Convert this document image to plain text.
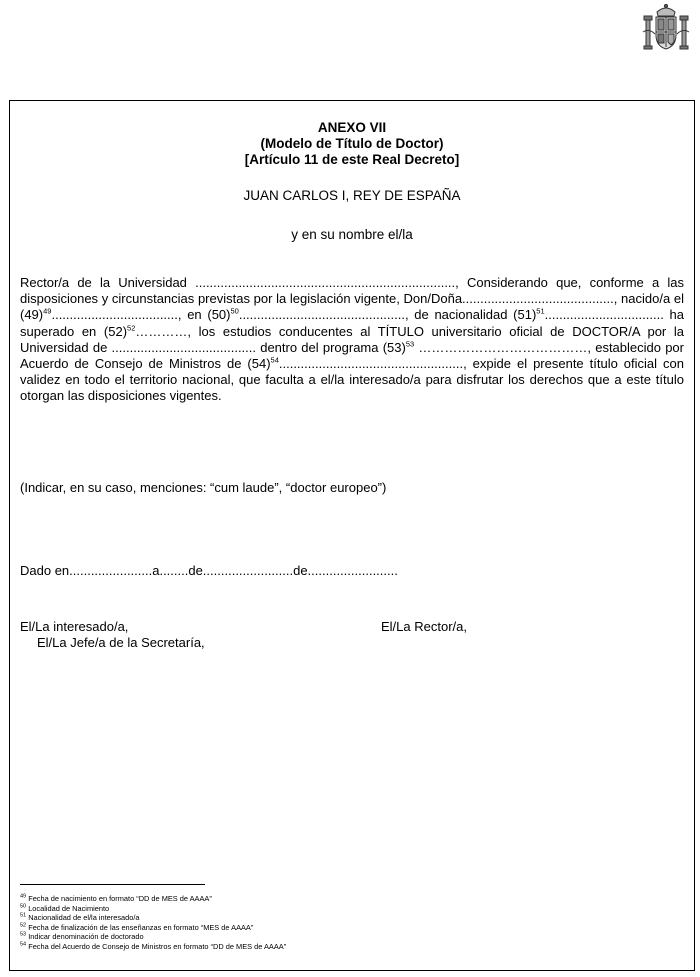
ANEXO VII
(Modelo de Título de Doctor)
[Artículo 11 de este Real Decreto]
JUAN CARLOS I, REY DE ESPAÑA
y en su nombre el/la

Rector/a de la Universidad ........................................................................, Considerando que, conforme a las disposiciones y circunstancias previstas por la legislación vigente, Don/Doña.........................................., nacido/a el $(49)^{49}$..................................., en $(50)^{50}$.............................................., de nacionalidad $(51)^{51}$................................. ha superado en $(52)^{52}\dots\dots\dots\dots$, los estudios conducentes al TÍTULO universitario oficial de DOCTOR/A por la Universidad de ........................................ dentro del programa $(53)^{53}$ …………………………………, establecido por Acuerdo de Consejo de Ministros de $(54)^{54}$..................................................., expide el presente título oficial con validez en todo el territorio nacional, que faculta a el/la interesado/a para disfrutar los derechos que a este título otorgan las disposiciones vigentes.

(Indicar, en su caso, menciones: “cum laude”, “doctor europeo”)
Dado en.......................a........de.........................de.........................
El/La interesado/a,	El/La Rector/a,
El/La Jefe/a de la Secretaría,
$^{49}$ Fecha de nacimiento en formato “DD de MES de AAAA”
$^{50}$ Localidad de Nacimiento
$^{51}$ Nacionalidad de el/la interesado/a
$^{52}$ Fecha de finalización de las enseñanzas en formato “MES de AAAA”
$^{53}$ Indicar denominación de doctorado
$^{54}$ Fecha del Acuerdo de Consejo de Ministros en formato “DD de MES de AAAA”
